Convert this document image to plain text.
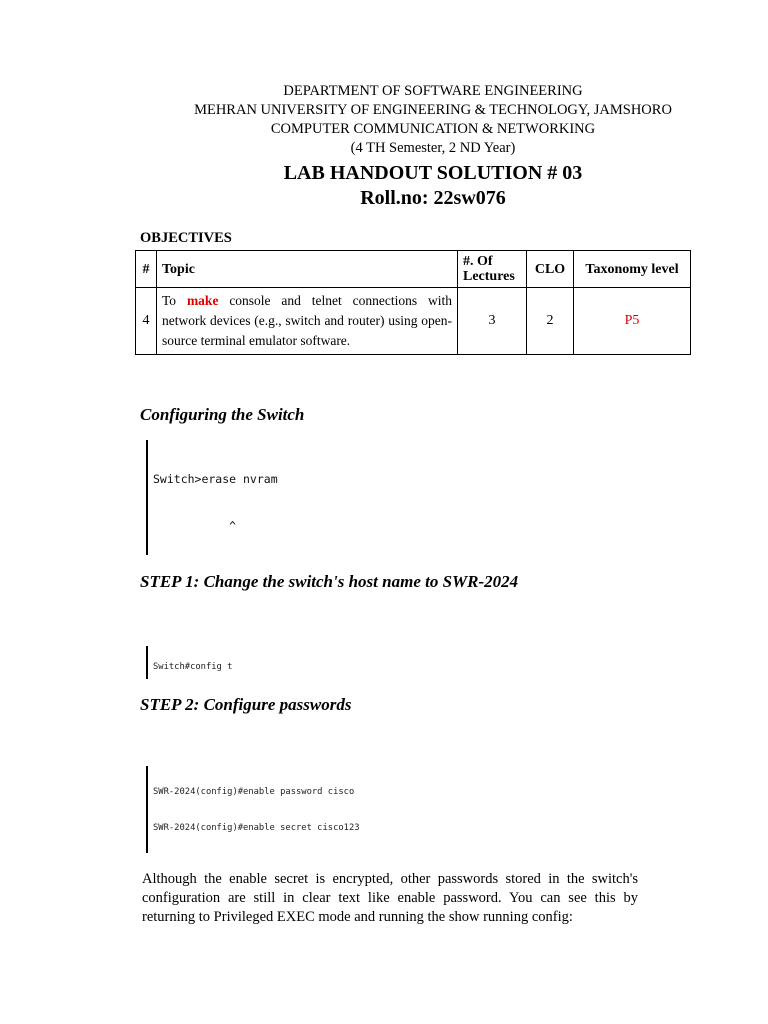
DEPARTMENT OF SOFTWARE ENGINEERING
MEHRAN UNIVERSITY OF ENGINEERING & TECHNOLOGY, JAMSHORO
COMPUTER COMMUNICATION & NETWORKING
(4 TH Semester, 2 ND Year)
LAB HANDOUT SOLUTION # 03
Roll.no: 22sw076
OBJECTIVES
#	Topic	#. Of Lectures	CLO	Taxonomy level
4	To make console and telnet connections with network devices (e.g., switch and router) using open-source terminal emulator software.	3	2	P5
Configuring the Switch

Switch>erase nvram

^

STEP 1: Change the switch's host name to SWR-2024

Switch#config t

STEP 2: Configure passwords

SWR-2024(config)#enable password cisco

SWR-2024(config)#enable secret cisco123

Although the enable secret is encrypted, other passwords stored in the switch's configuration are still in clear text like enable password. You can see this by returning to Privileged EXEC mode and running the show running config:
